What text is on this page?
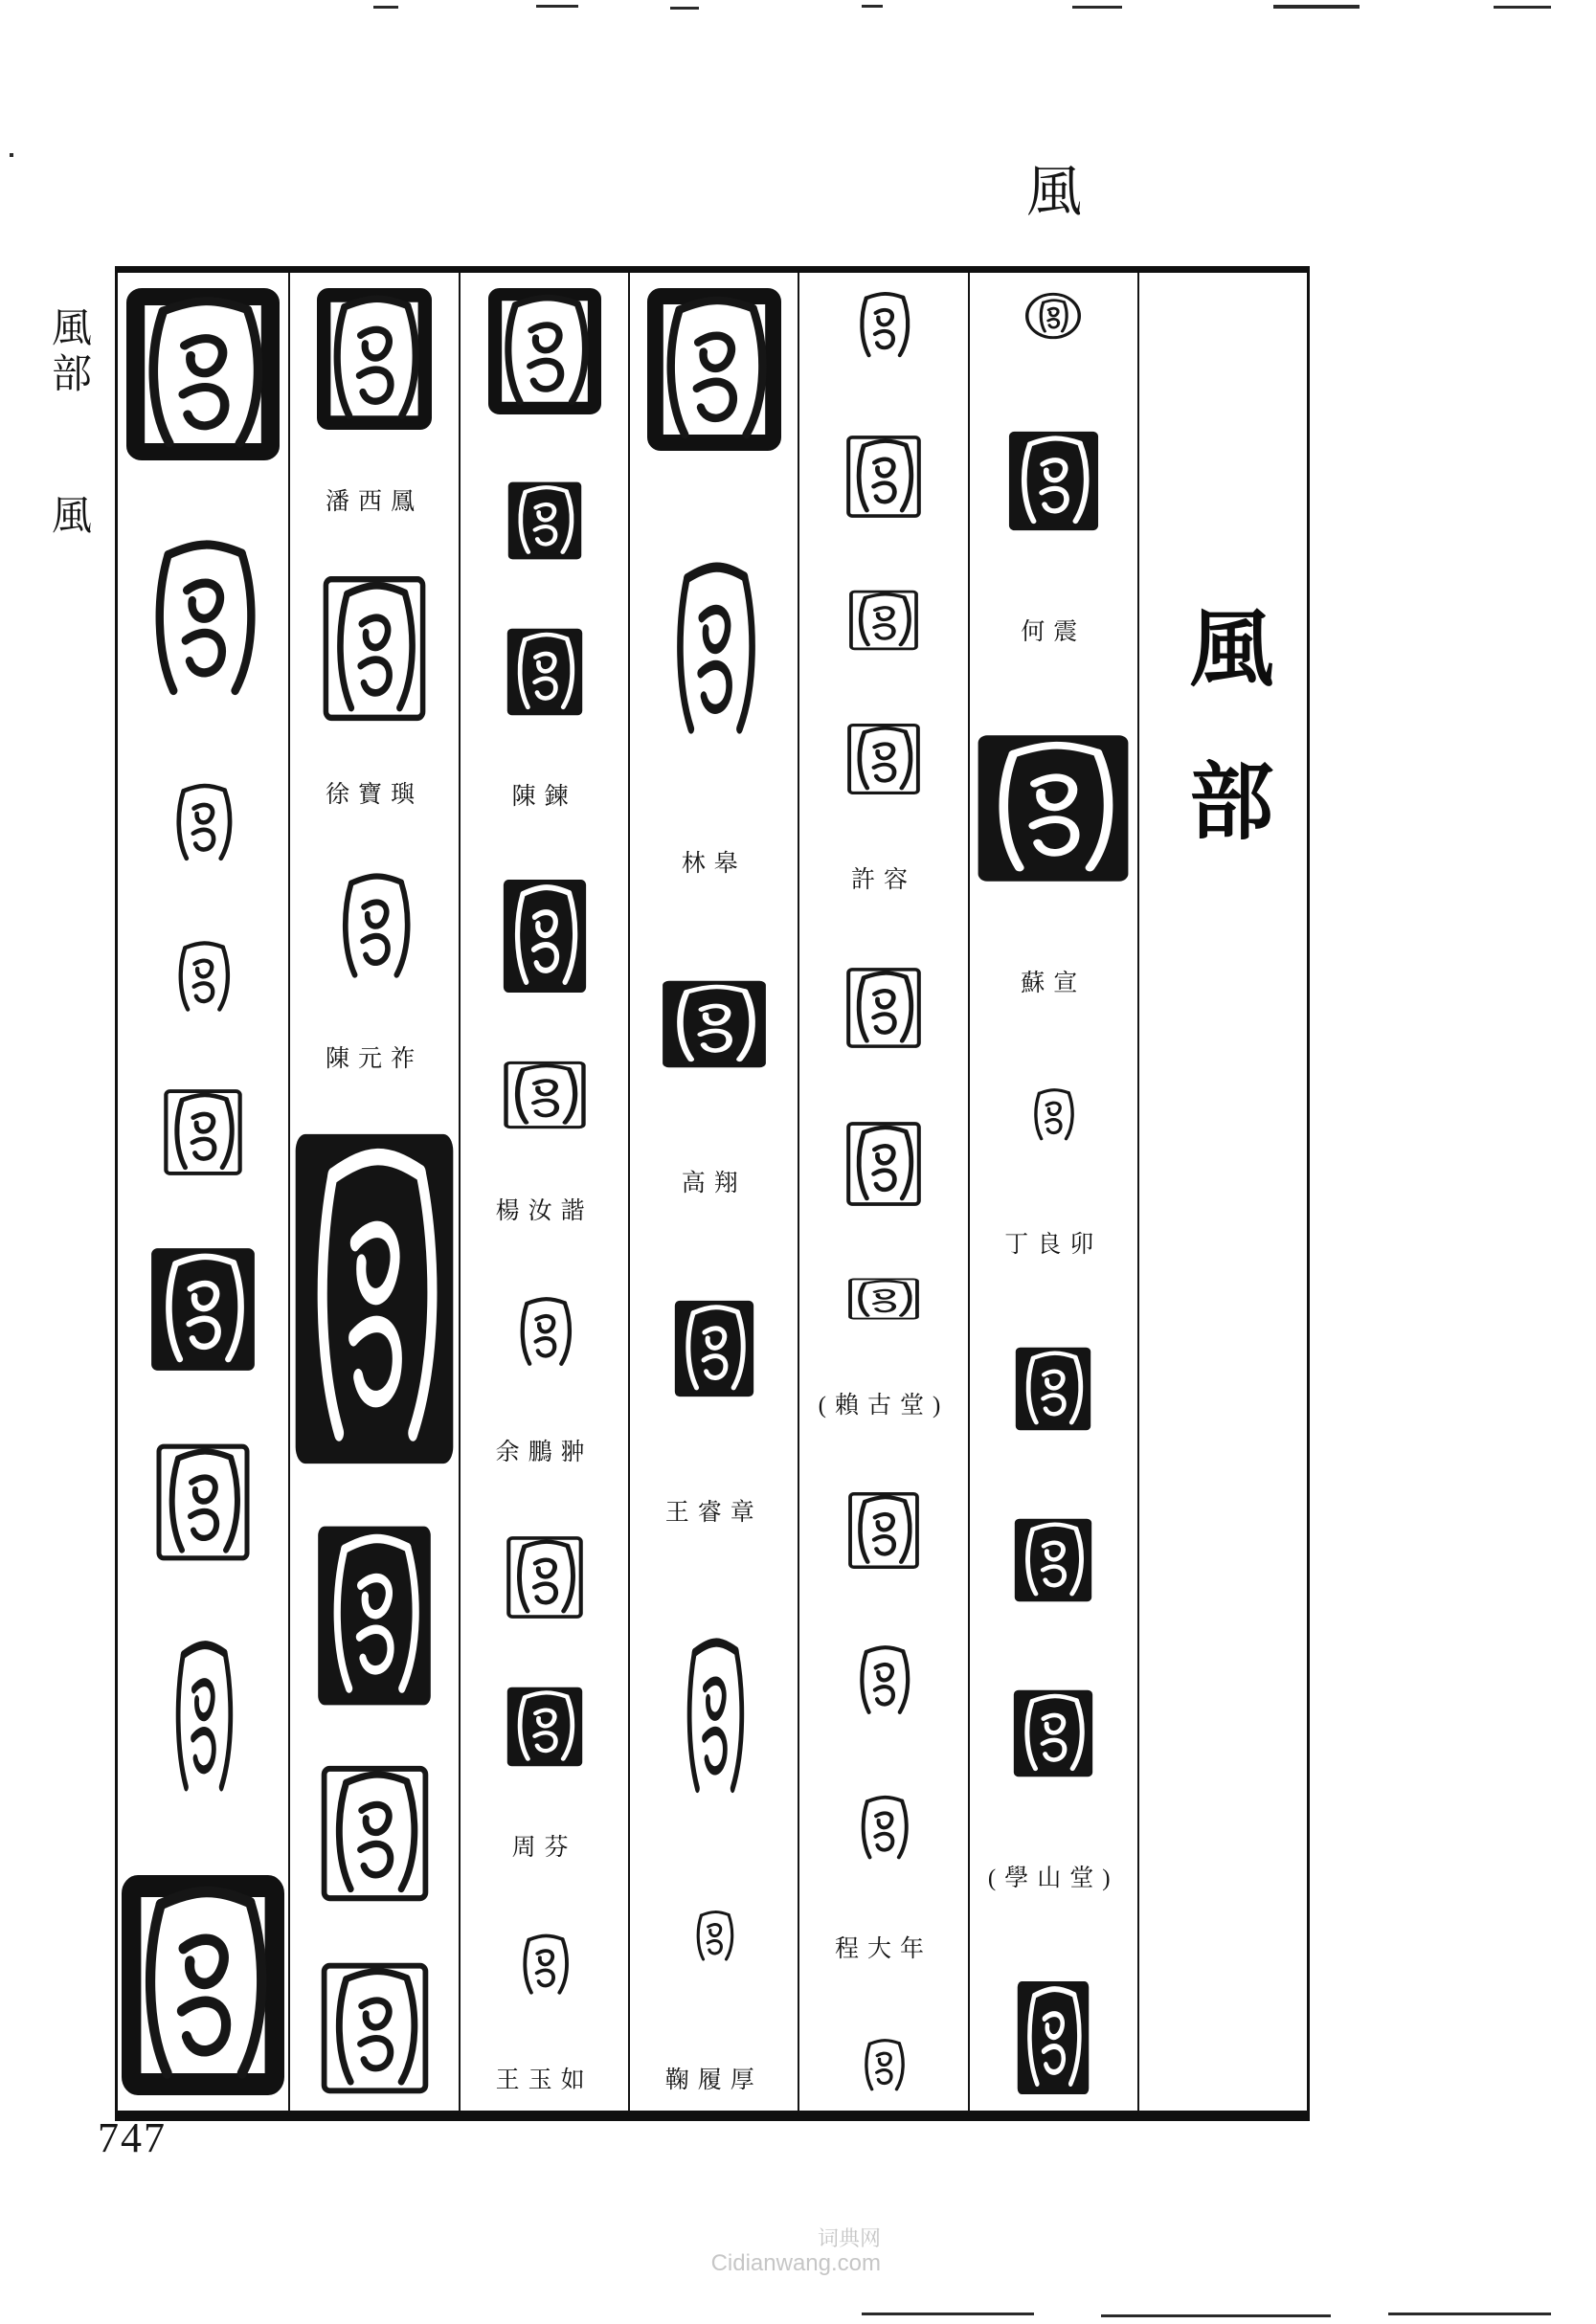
風
風部 風	潘西鳳
徐寶璵
陳元祚
陳鍊
楊汝諧
余鵬翀
周芬
王玉如
林皋
高翔
王睿章
鞠履厚
許容
(賴古堂)
程大年
何震
蘇宣
丁良卯
(學山堂)
風部
747
词典网
Cidianwang.com
